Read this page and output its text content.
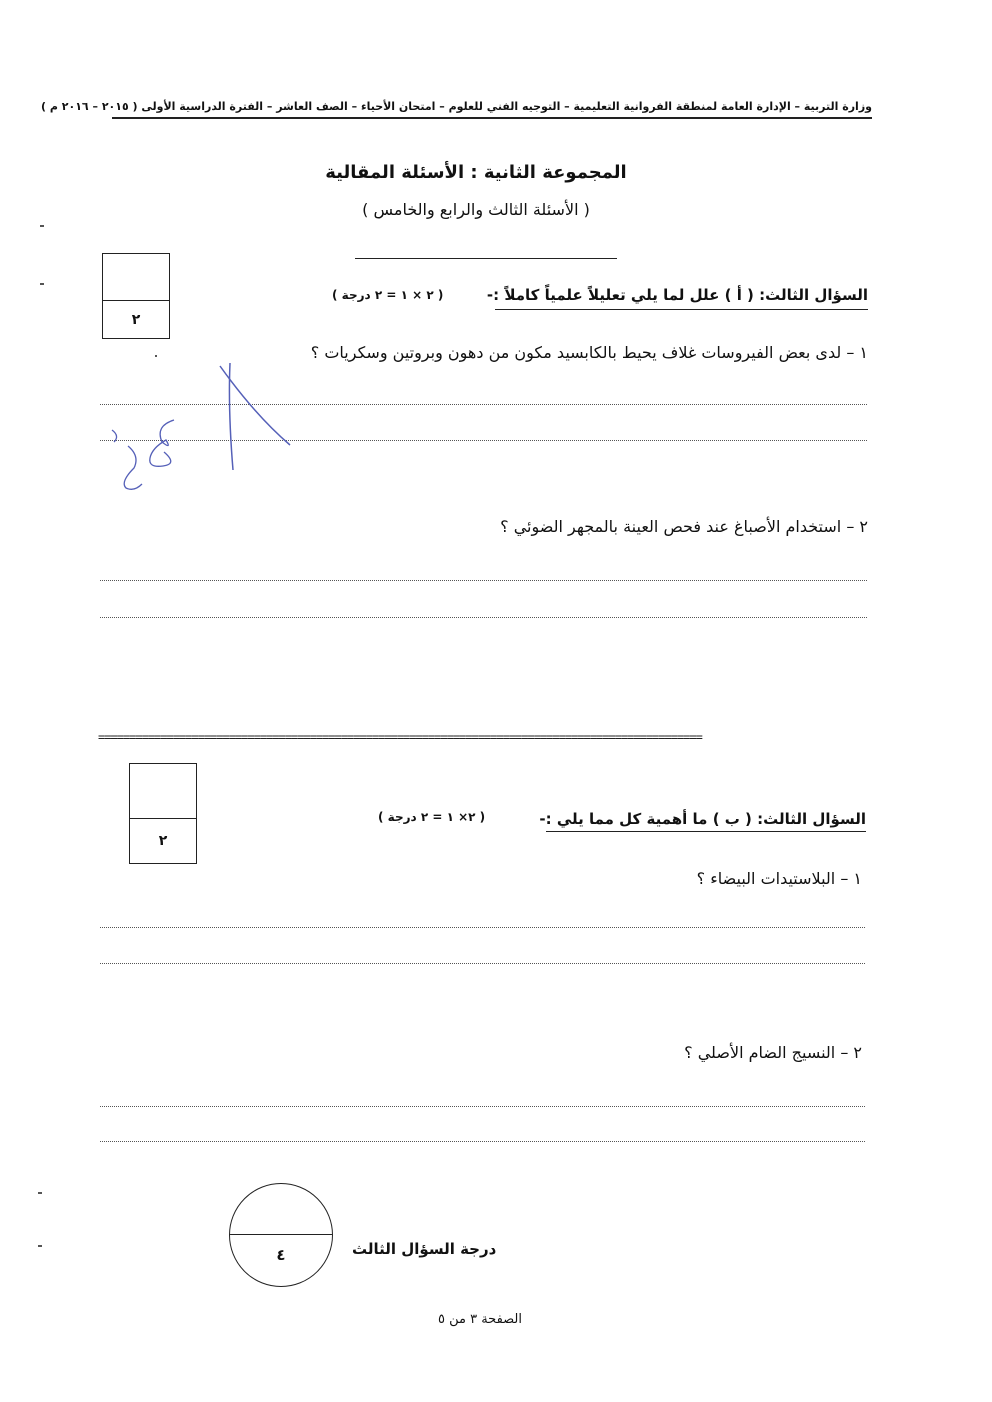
وزارة التربية – الإدارة العامة لمنطقة الفروانية التعليمية – التوجيه الفني للعلوم – امتحان الأحياء – الصف العاشر – الفترة الدراسية الأولى ( ٢٠١٥ – ٢٠١٦ م )
المجموعة الثانية : الأسئلة المقالية
( الأسئلة الثالث والرابع والخامس )
٢
السؤال الثالث: ( أ ) علل لما يلي تعليلاً علمياً كاملاً :-
( ٢ × ١ = ٢ درجة )
١ – لدى بعض الفيروسات غلاف يحيط بالكابسيد مكون من دهون وبروتين وسكريات ؟
٢ – استخدام الأصباغ عند فحص العينة بالمجهر الضوئي ؟
=================================================================================================
٢
السؤال الثالث: ( ب ) ما أهمية كل مما يلي :-
( ٢× ١ = ٢ درجة )
١ – البلاستيدات البيضاء ؟
٢ – النسيج الضام الأصلي ؟
٤	درجة السؤال الثالث
الصفحة ٣ من ٥
